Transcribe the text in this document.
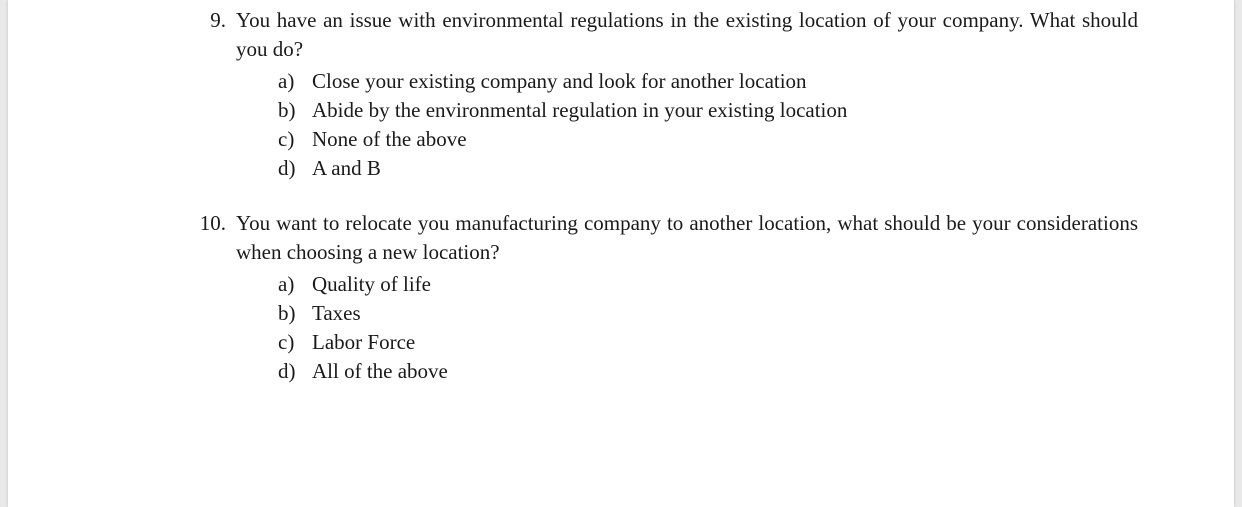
9. You have an issue with environmental regulations in the existing location of your company. What should you do?
a) Close your existing company and look for another location
b) Abide by the environmental regulation in your existing location
c) None of the above
d) A and B
10. You want to relocate you manufacturing company to another location, what should be your considerations when choosing a new location?
a) Quality of life
b) Taxes
c) Labor Force
d) All of the above
